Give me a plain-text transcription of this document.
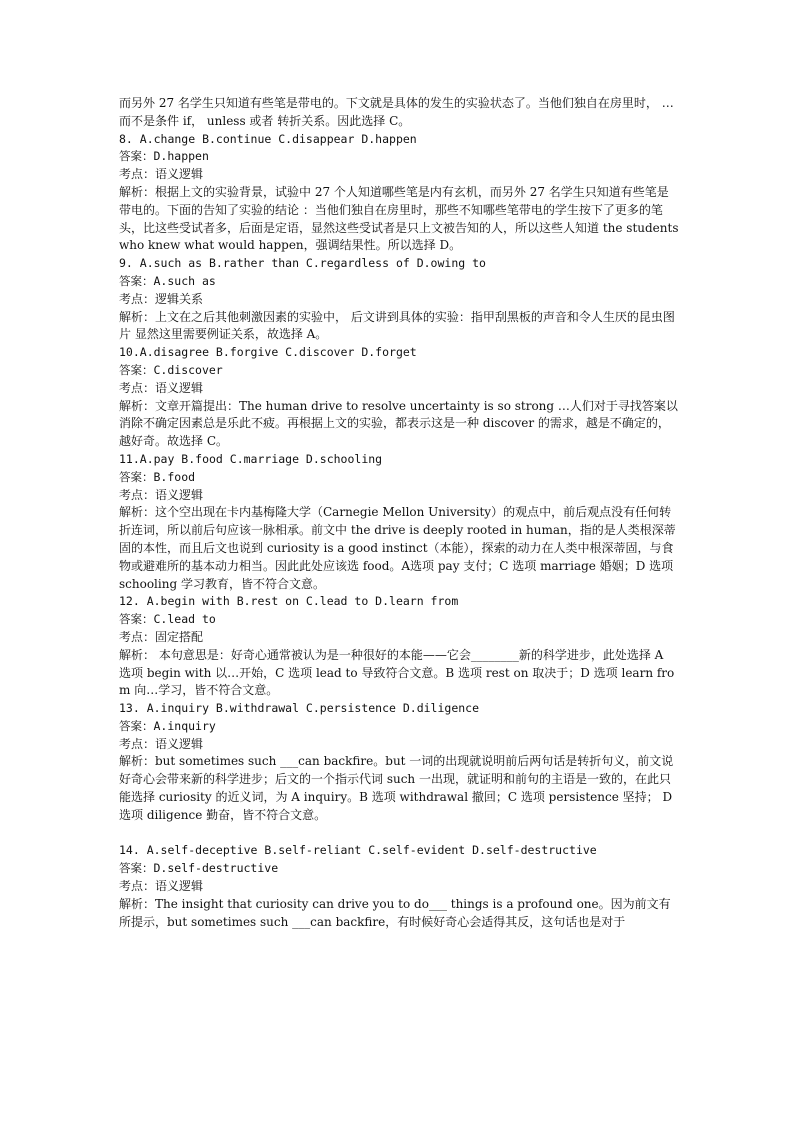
而另外 27 名学生只知道有些笔是带电的。下文就是具体的发生的实验状态了。当他们独自在房里时， … 而不是条件 if， unless 或者 转折关系。因此选择 C。

8. A.change B.continue C.disappear D.happen

答案：D.happen

考点：语义逻辑

解析：根据上文的实验背景，试验中 27 个人知道哪些笔是内有玄机，而另外 27 名学生只知道有些笔是带电的。下面的告知了实验的结论 ：当他们独自在房里时，那些不知哪些笔带电的学生按下了更多的笔头，比这些受试者多，后面是定语，显然这些受试者是只上文被告知的人，所以这些人知道 the students who knew what would happen，强调结果性。所以选择 D。

9. A.such as B.rather than C.regardless of D.owing to

答案：A.such as

考点：逻辑关系

解析：上文在之后其他刺激因素的实验中， 后文讲到具体的实验：指甲刮黑板的声音和令人生厌的昆虫图片 显然这里需要例证关系，故选择 A。

10.A.disagree B.forgive C.discover D.forget

答案：C.discover

考点：语义逻辑

解析：文章开篇提出：The human drive to resolve uncertainty is so strong …人们对于寻找答案以消除不确定因素总是乐此不疲。再根据上文的实验，都表示这是一种 discover 的需求，越是不确定的，越好奇。故选择 C。

11.A.pay B.food C.marriage D.schooling

答案：B.food

考点：语义逻辑

解析：这个空出现在卡内基梅隆大学（Carnegie Mellon University）的观点中，前后观点没有任何转折连词，所以前后句应该一脉相承。前文中 the drive is deeply rooted in human，指的是人类根深蒂固的本性，而且后文也说到 curiosity is a good instinct（本能），探索的动力在人类中根深蒂固，与食物或避难所的基本动力相当。因此此处应该选 food。A选项 pay 支付；C 选项 marriage 婚姻；D 选项 schooling 学习教育，皆不符合文意。

12. A.begin with B.rest on C.lead to D.learn from

答案：C.lead to

考点：固定搭配

解析： 本句意思是：好奇心通常被认为是一种很好的本能——它会________新的科学进步，此处选择 A 选项 begin with 以…开始，C 选项 lead to 导致符合文意。B 选项 rest on 取决于；D 选项 learn from 向…学习，皆不符合文意。

13. A.inquiry B.withdrawal C.persistence D.diligence

答案：A.inquiry

考点：语义逻辑

解析：but sometimes such ___can backfire。but 一词的出现就说明前后两句话是转折句义，前文说好奇心会带来新的科学进步；后文的一个指示代词 such 一出现，就证明和前句的主语是一致的，在此只能选择 curiosity 的近义词，为 A inquiry。B 选项 withdrawal 撤回；C 选项 persistence 坚持； D 选项 diligence 勤奋，皆不符合文意。

14. A.self-deceptive B.self-reliant C.self-evident D.self-destructive

答案：D.self-destructive

考点：语义逻辑

解析：The insight that curiosity can drive you to do___ things is a profound one。因为前文有所提示，but sometimes such ___can backfire，有时候好奇心会适得其反，这句话也是对于
